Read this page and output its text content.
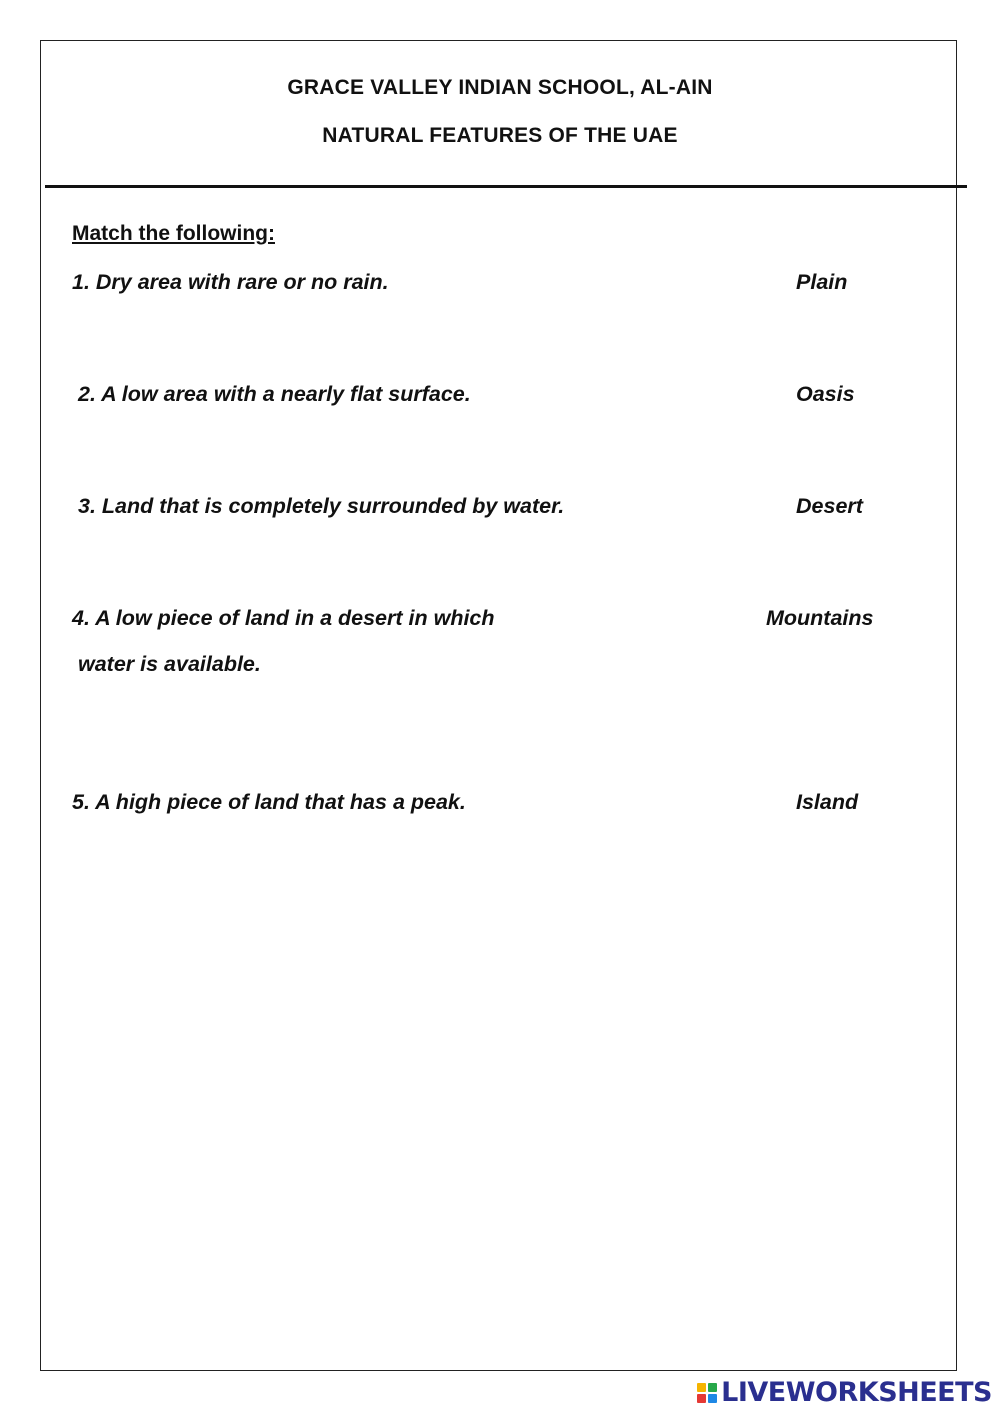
GRACE VALLEY INDIAN SCHOOL, AL-AIN
NATURAL FEATURES OF THE UAE
Match the following:
1. Dry area with rare or no rain.
2. A low area with a nearly flat surface.
3. Land that is completely surrounded by water.
4. A low piece of land in a desert in which
water is available.
5. A high piece of land that has a peak.
Plain
Oasis
Desert
Mountains
Island
LIVEWORKSHEETS
